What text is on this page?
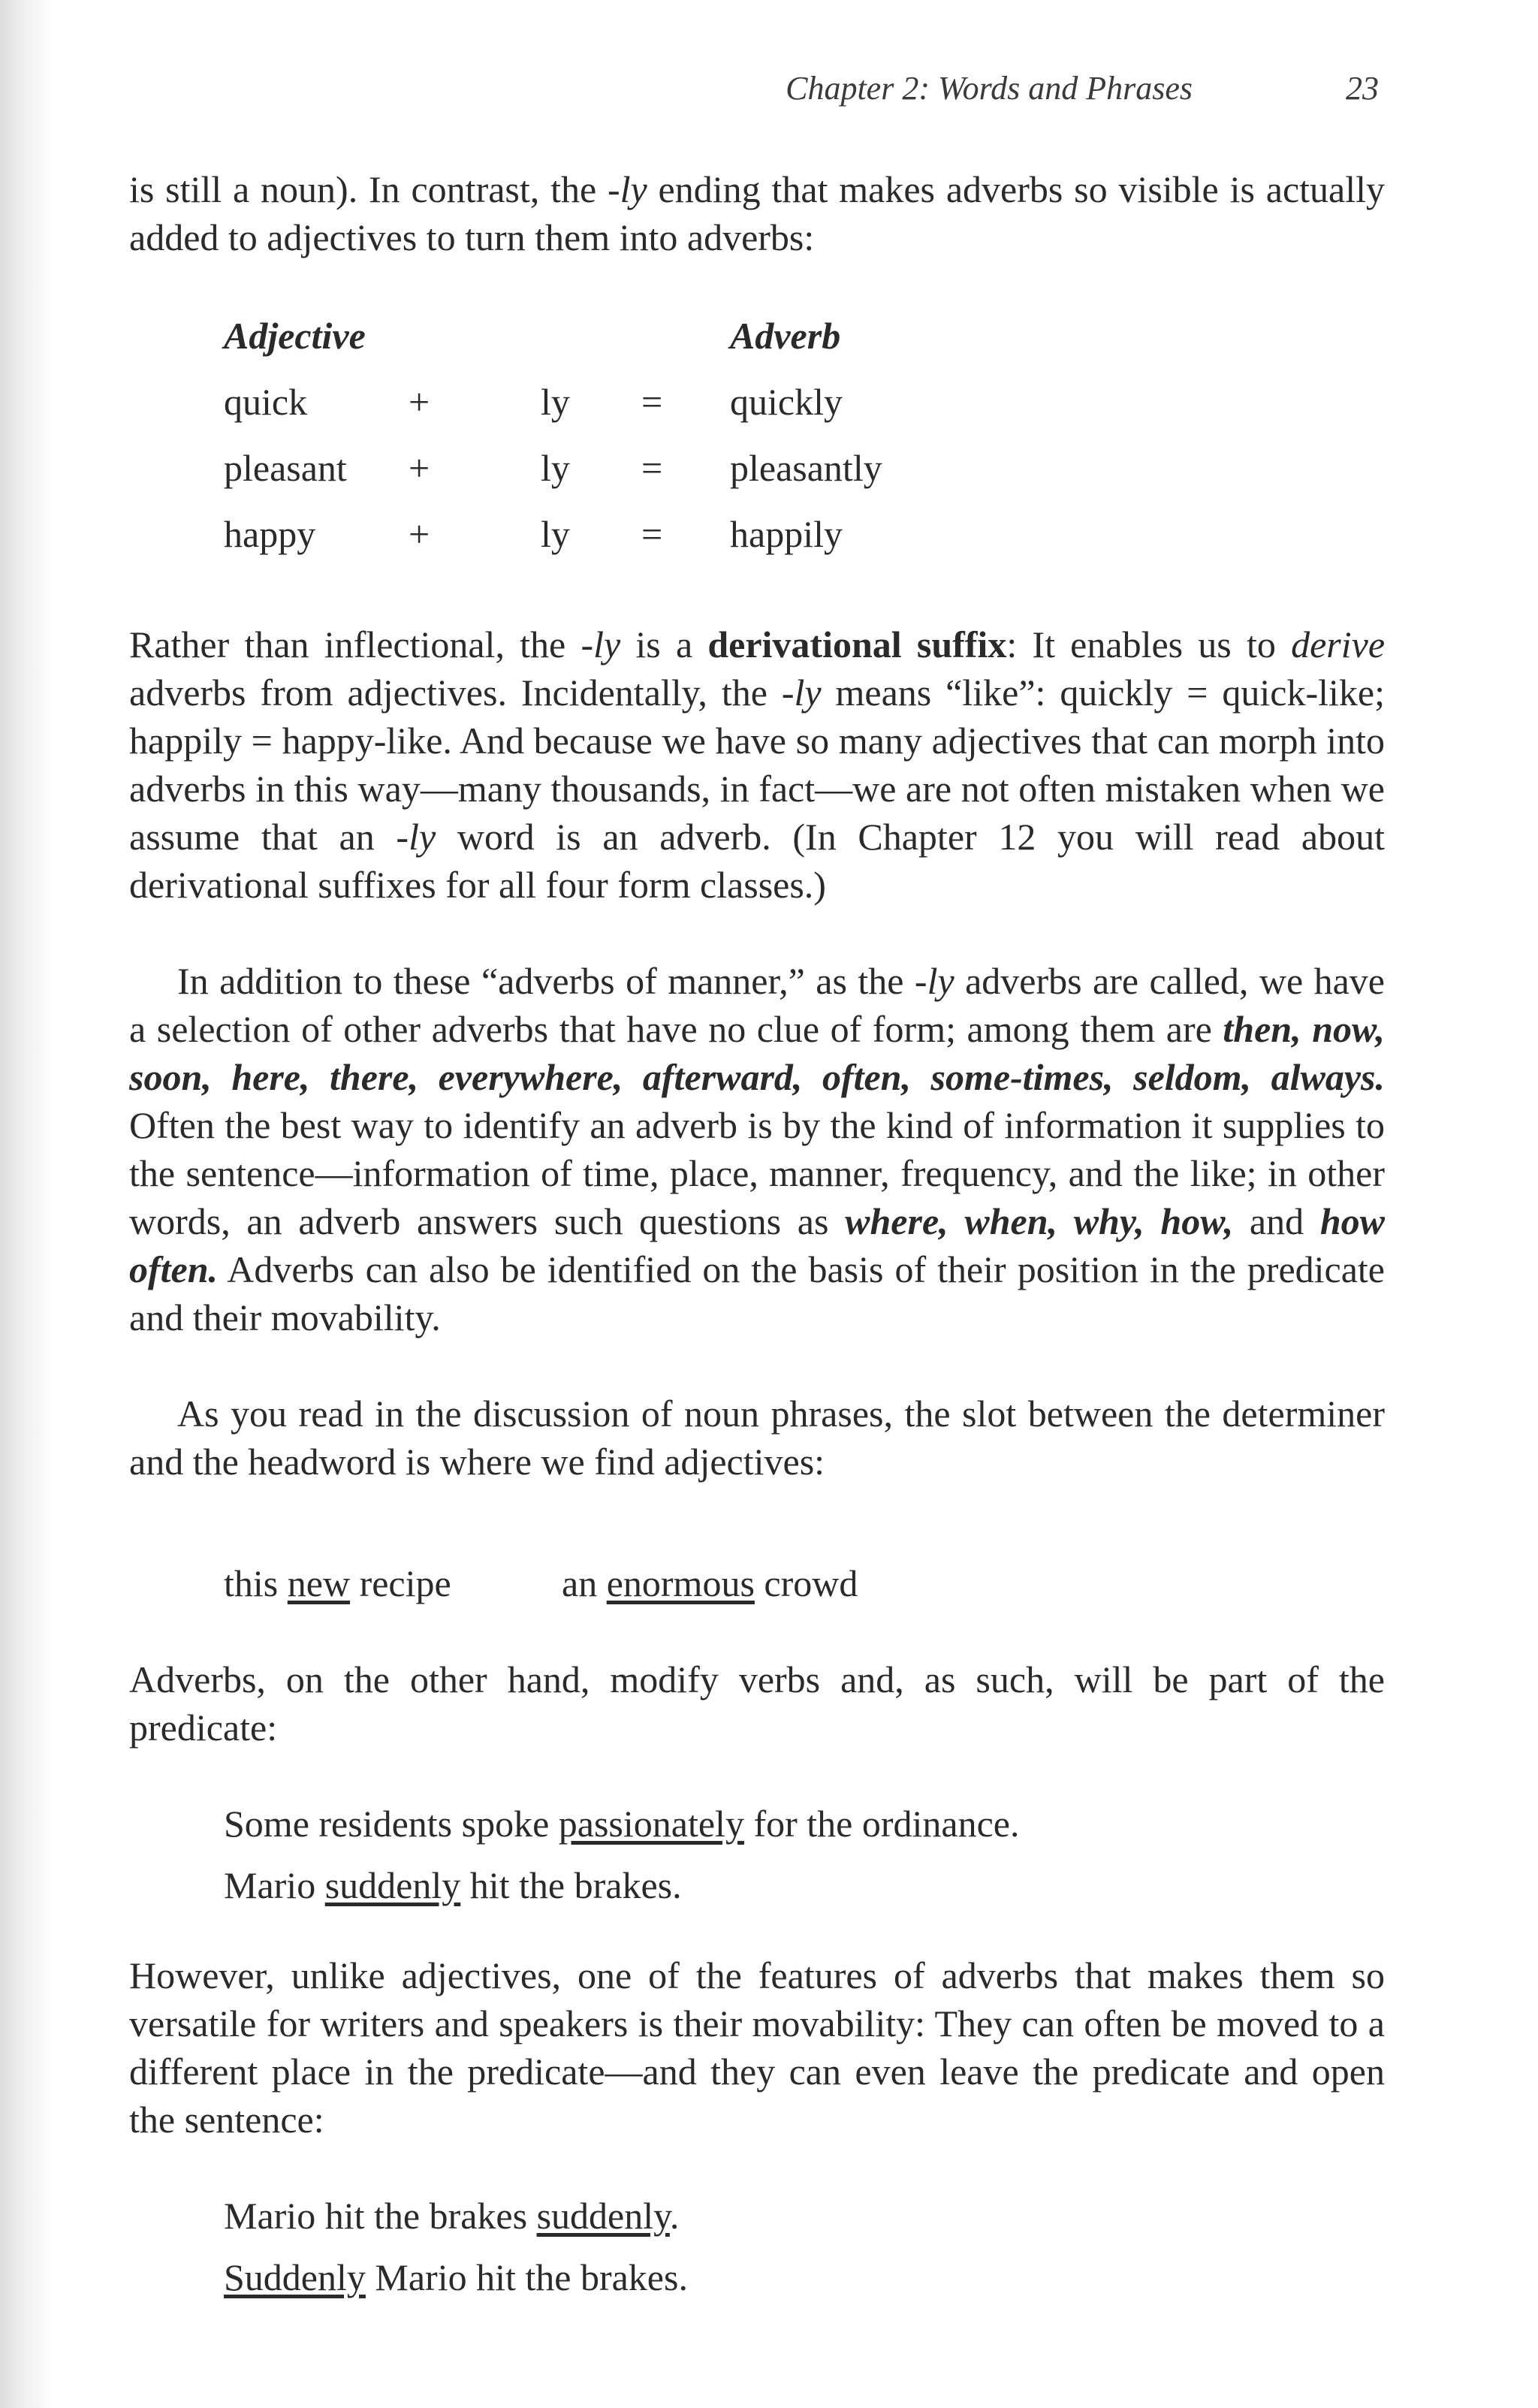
Chapter 2: Words and Phrases	23

is still a noun). In contrast, the -ly ending that makes adverbs so visible is actually added to adjectives to turn them into adverbs:

Adjective	Adverb
quick	+	ly = quickly
pleasant +	ly = pleasantly
happy +	ly = happily

Rather than inflectional, the -ly is a derivational suffix: It enables us to derive adverbs from adjectives. Incidentally, the -ly means “like”: quickly = quick-like; happily = happy-like. And because we have so many adjectives that can morph into adverbs in this way—many thousands, in fact—we are not often mistaken when we assume that an -ly word is an adverb. (In Chapter 12 you will read about derivational suffixes for all four form classes.)

In addition to these “adverbs of manner,” as the -ly adverbs are called, we have a selection of other adverbs that have no clue of form; among them are then, now, soon, here, there, everywhere, afterward, often, some-times, seldom, always. Often the best way to identify an adverb is by the kind of information it supplies to the sentence—information of time, place, manner, frequency, and the like; in other words, an adverb answers such questions as where, when, why, how, and how often. Adverbs can also be identified on the basis of their position in the predicate and their movability.

As you read in the discussion of noun phrases, the slot between the determiner and the headword is where we find adjectives:

this new recipe	an enormous crowd

Adverbs, on the other hand, modify verbs and, as such, will be part of the predicate:

Some residents spoke passionately for the ordinance.
Mario suddenly hit the brakes.

However, unlike adjectives, one of the features of adverbs that makes them so versatile for writers and speakers is their movability: They can often be moved to a different place in the predicate—and they can even leave the predicate and open the sentence:

Mario hit the brakes suddenly.
Suddenly Mario hit the brakes.
